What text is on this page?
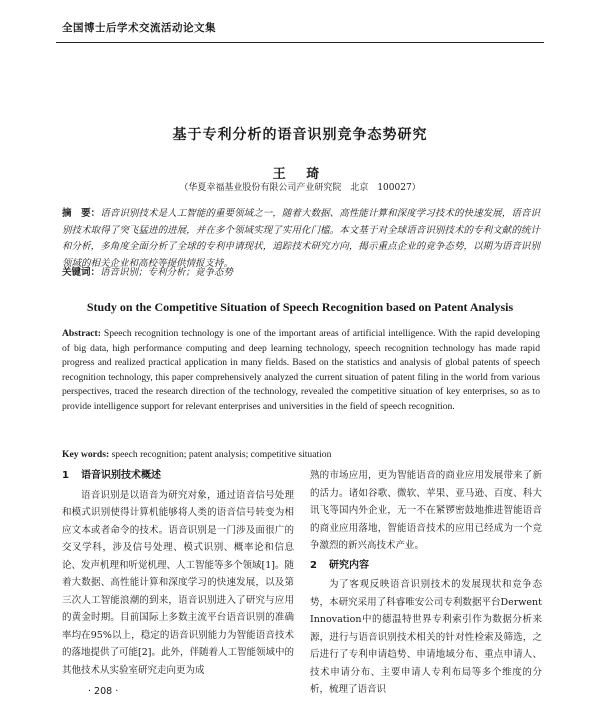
全国博士后学术交流活动论文集
基于专利分析的语音识别竞争态势研究
王 琦
（华夏幸福基业股份有限公司产业研究院　北京　100027）
摘　要：语音识别技术是人工智能的重要领域之一，随着大数据、高性能计算和深度学习技术的快速发展，语音识别技术取得了突飞猛进的进展，并在多个领域实现了实用化门槛。本文基于对全球语音识别技术的专利文献的统计和分析，多角度全面分析了全球的专利申请现状，追踪技术研究方向，揭示重点企业的竞争态势，以期为语音识别领域的相关企业和高校等提供情报支持。
关键词：语音识别；专利分析；竞争态势
Study on the Competitive Situation of Speech Recognition based on Patent Analysis
Abstract: Speech recognition technology is one of the important areas of artificial intelligence. With the rapid developing of big data, high performance computing and deep learning technology, speech recognition technology has made rapid progress and realized practical application in many fields. Based on the statistics and analysis of global patents of speech recognition technology, this paper comprehensively analyzed the current situation of patent filing in the world from various perspectives, traced the research direction of the technology, revealed the competitive situation of key enterprises, so as to provide intelligence support for relevant enterprises and universities in the field of speech recognition.
Key words: speech recognition; patent analysis; competitive situation
1 语音识别技术概述

语音识别是以语音为研究对象，通过语音信号处理和模式识别使得计算机能够将人类的语音信号转变为相应文本或者命令的技术。语音识别是一门涉及面很广的交叉学科，涉及信号处理、模式识别、概率论和信息论、发声机理和听觉机理、人工智能等多个领域[1]。随着大数据、高性能计算和深度学习的快速发展，以及第三次人工智能浪潮的到来，语音识别进入了研究与应用的黄金时期。目前国际上多数主流平台语音识别的准确率均在95%以上，稳定的语音识别能力为智能语音技术的落地提供了可能[2]。此外，伴随着人工智能领域中的其他技术从实验室研究走向更为成

熟的市场应用，更为智能语音的商业应用发展带来了新的活力。诸如谷歌、微软、苹果、亚马逊、百度、科大讯飞等国内外企业，无一不在紧锣密鼓地推进智能语音的商业应用落地，智能语音技术的应用已经成为一个竞争激烈的新兴高技术产业。

2 研究内容

为了客观反映语音识别技术的发展现状和竞争态势，本研究采用了科睿唯安公司专利数据平台Derwent Innovation中的德温特世界专利索引作为数据分析来源，进行与语音识别技术相关的针对性检索及筛选，之后进行了专利申请趋势、申请地域分布、重点申请人、技术申请分布、主要申请人专利布局等多个维度的分析，梳理了语音识

· 208 ·
